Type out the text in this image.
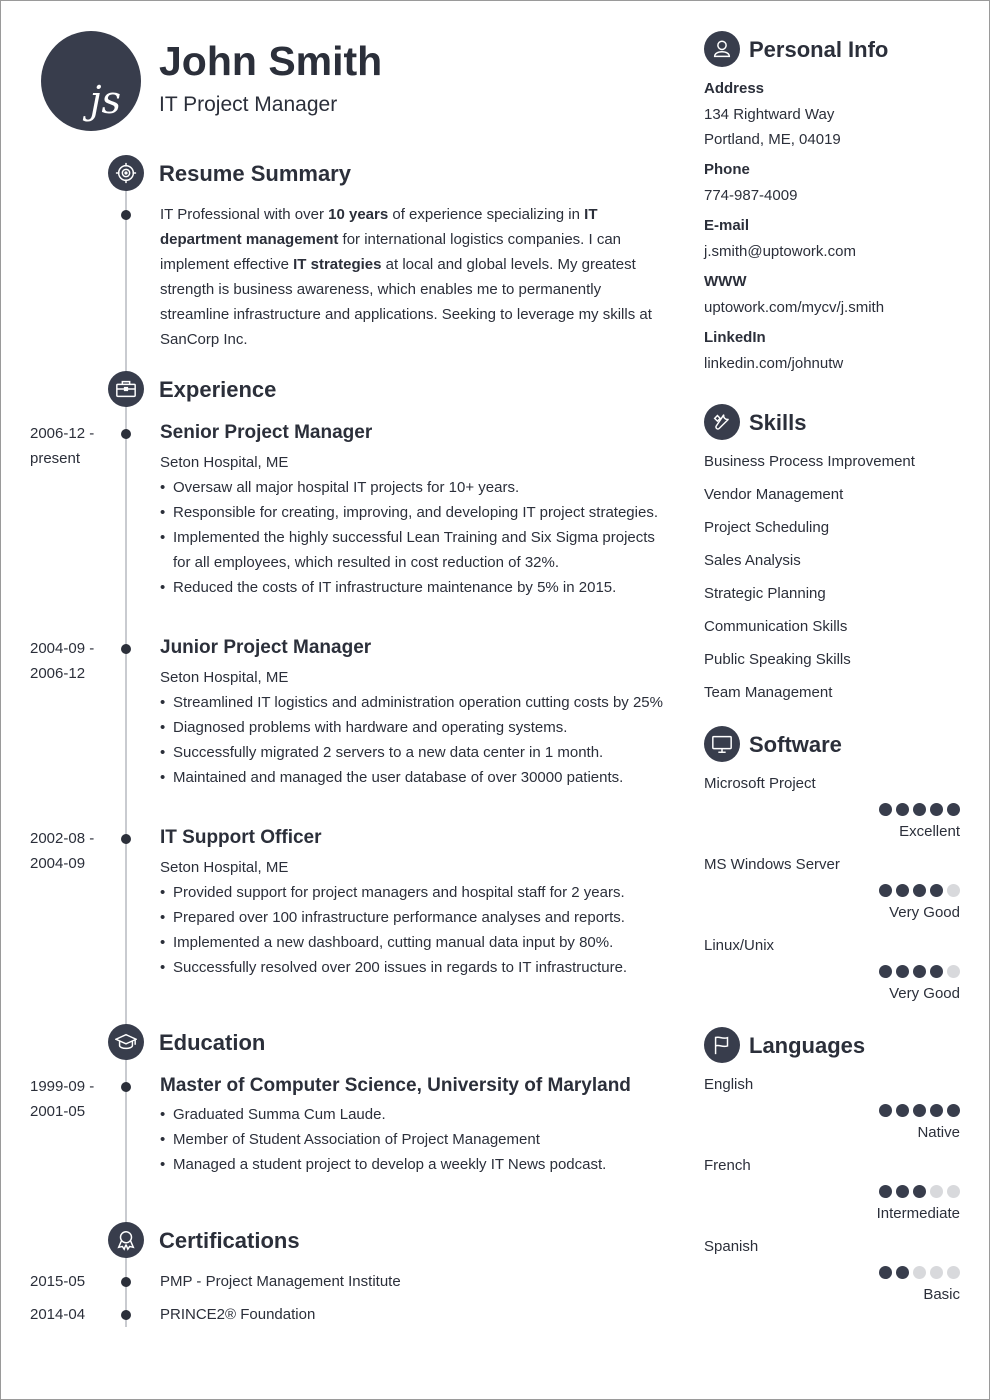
js
John Smith
IT Project Manager
Resume Summary
IT Professional with over 10 years of experience specializing in IT department management for international logistics companies. I can implement effective IT strategies at local and global levels. My greatest strength is business awareness, which enables me to permanently streamline infrastructure and applications. Seeking to leverage my skills at SanCorp Inc.
Experience
2006-12 -
present
Senior Project Manager
Seton Hospital, ME
• Oversaw all major hospital IT projects for 10+ years.
• Responsible for creating, improving, and developing IT project strategies.
• Implemented the highly successful Lean Training and Six Sigma projects for all employees, which resulted in cost reduction of 32%.
• Reduced the costs of IT infrastructure maintenance by 5% in 2015.
2004-09 -
2006-12
Junior Project Manager
Seton Hospital, ME
• Streamlined IT logistics and administration operation cutting costs by 25%
• Diagnosed problems with hardware and operating systems.
• Successfully migrated 2 servers to a new data center in 1 month.
• Maintained and managed the user database of over 30000 patients.
2002-08 -
2004-09
IT Support Officer
Seton Hospital, ME
• Provided support for project managers and hospital staff for 2 years.
• Prepared over 100 infrastructure performance analyses and reports.
• Implemented a new dashboard, cutting manual data input by 80%.
• Successfully resolved over 200 issues in regards to IT infrastructure.
Education
1999-09 -
2001-05
Master of Computer Science, University of Maryland
• Graduated Summa Cum Laude.
• Member of Student Association of Project Management
• Managed a student project to develop a weekly IT News podcast.
Certifications
2015-05	PMP - Project Management Institute
2014-04	PRINCE2® Foundation
Personal Info
Address
134 Rightward Way
Portland, ME, 04019
Phone
774-987-4009
E-mail
j.smith@uptowork.com
WWW
uptowork.com/mycv/j.smith
LinkedIn
linkedin.com/johnutw
Skills
Business Process Improvement
Vendor Management
Project Scheduling
Sales Analysis
Strategic Planning
Communication Skills
Public Speaking Skills
Team Management
Software
Microsoft Project
Excellent
MS Windows Server
Very Good
Linux/Unix
Very Good
Languages
English
Native
French
Intermediate
Spanish
Basic
